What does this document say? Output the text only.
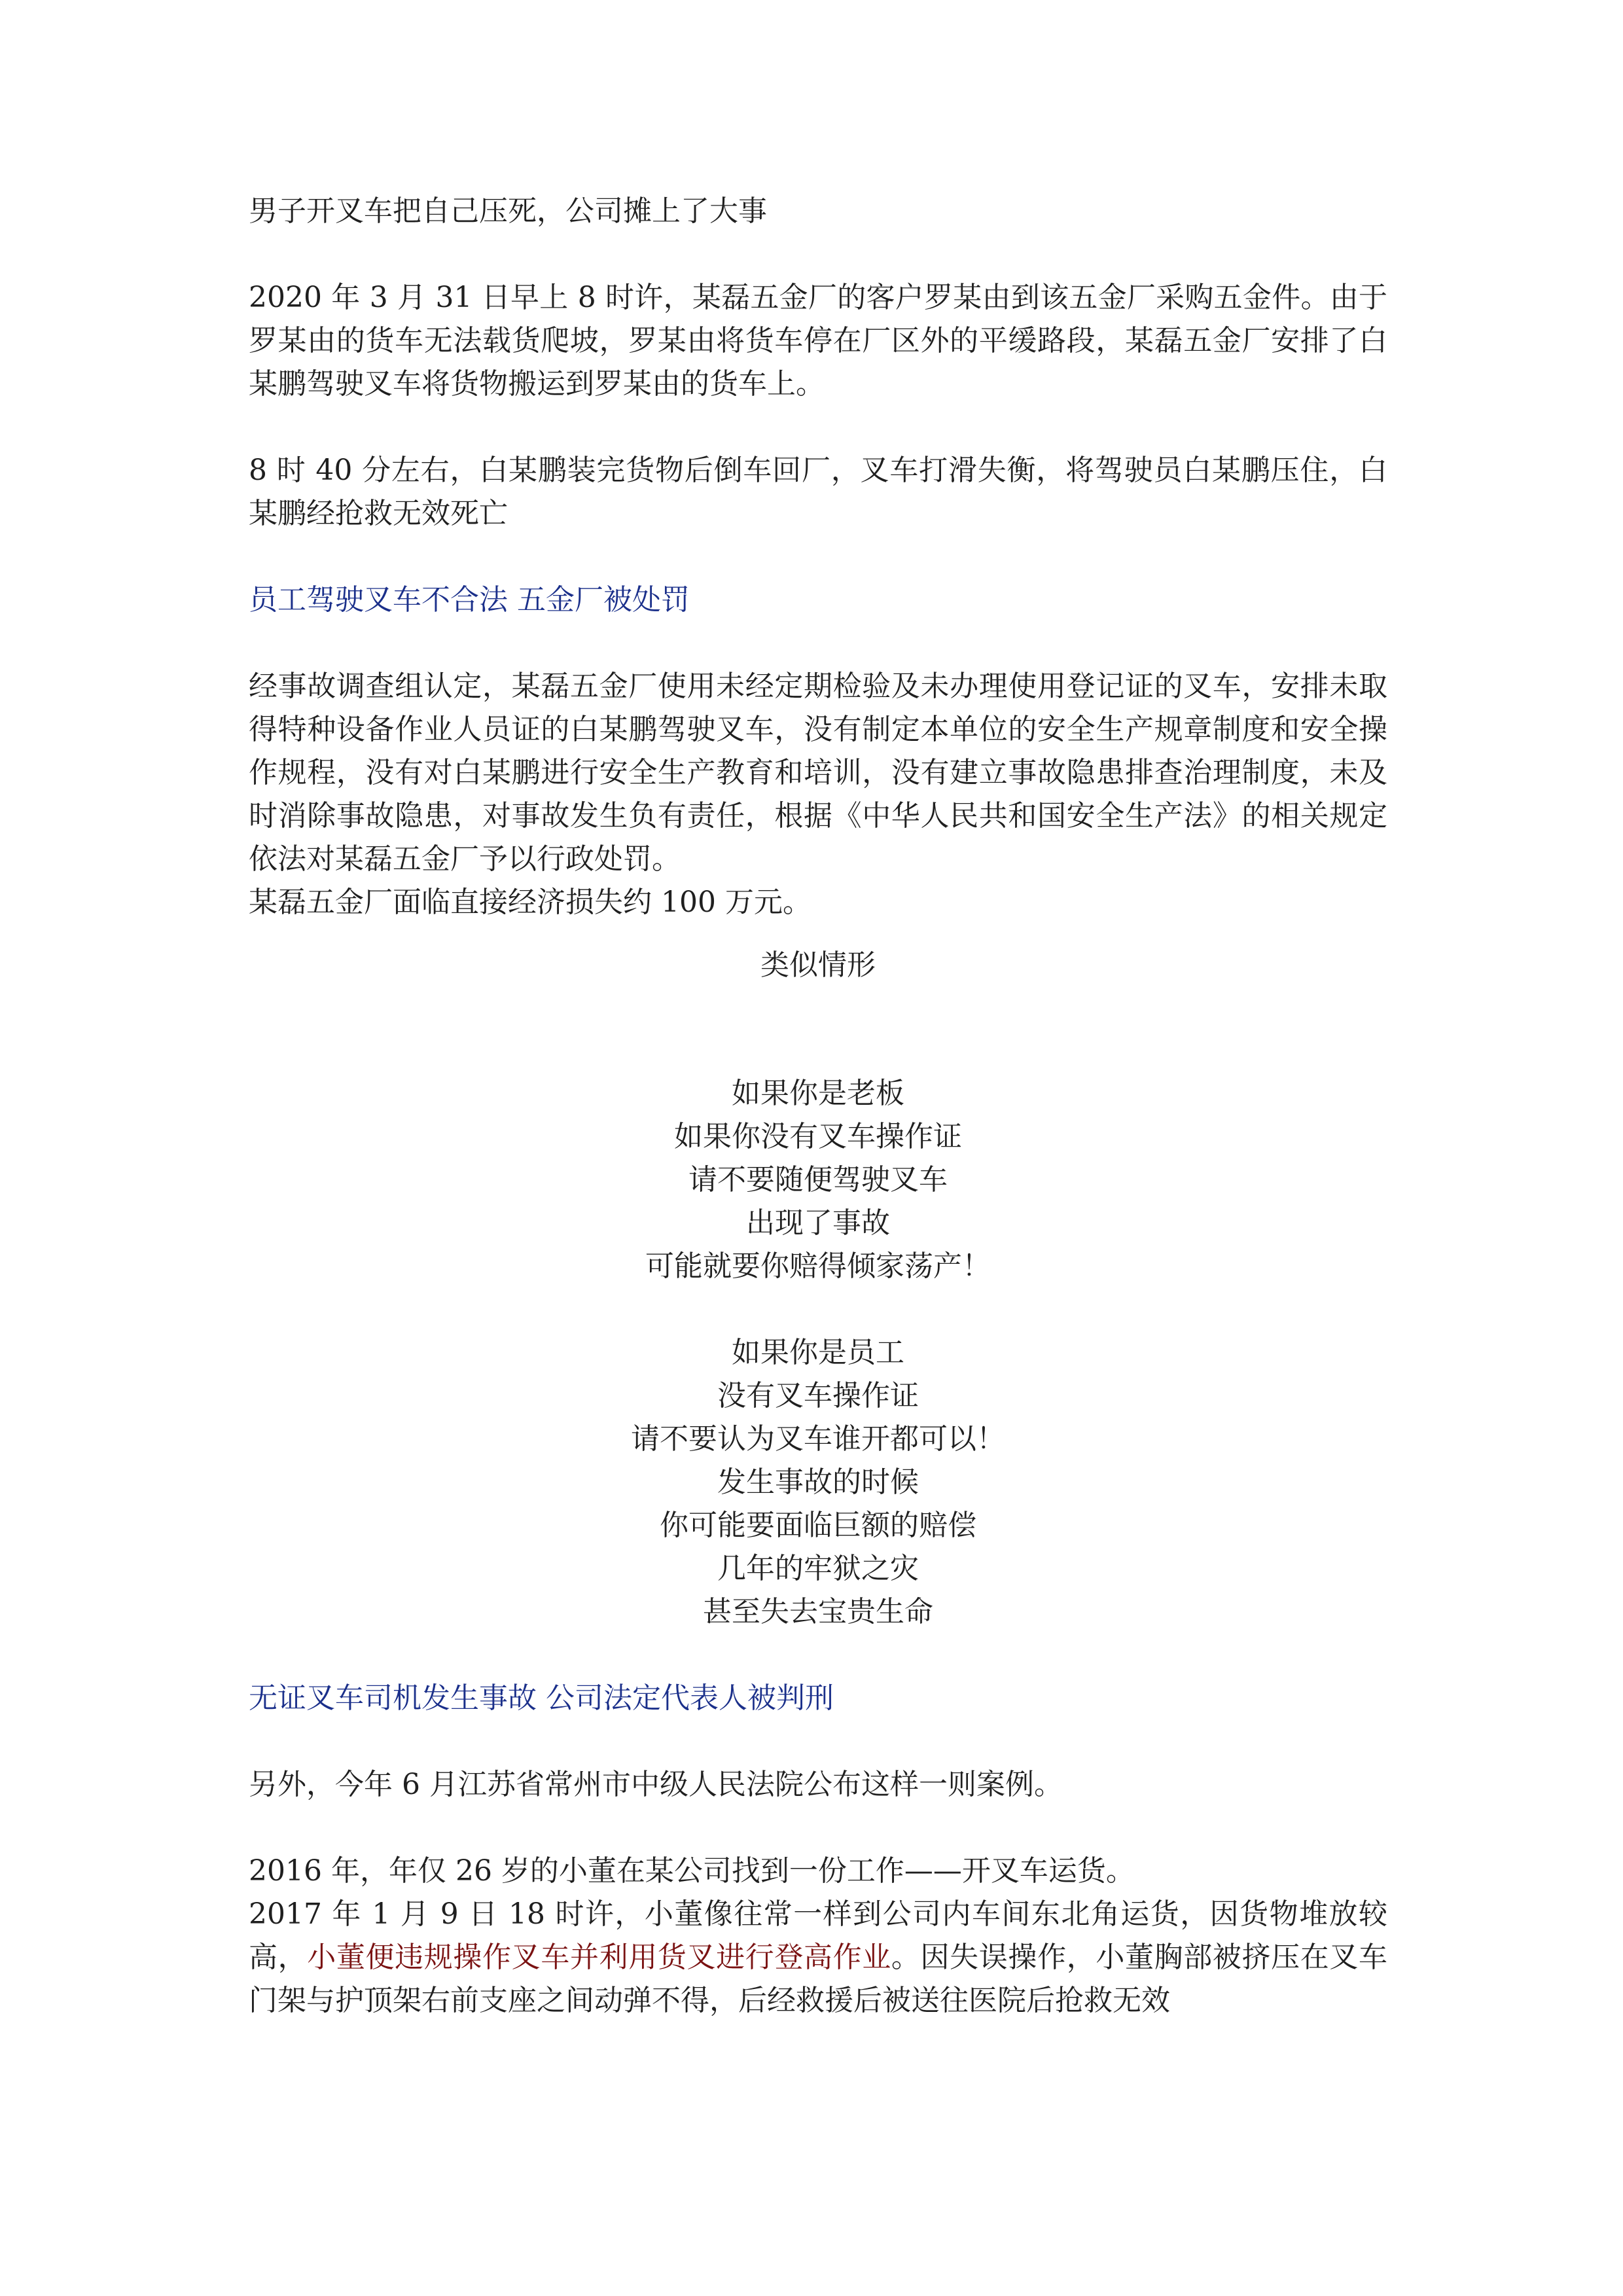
男子开叉车把自己压死，公司摊上了大事

2020 年 3 月 31 日早上 8 时许，某磊五金厂的客户罗某由到该五金厂采购五金件。由于罗某由的货车无法载货爬坡，罗某由将货车停在厂区外的平缓路段，某磊五金厂安排了白某鹏驾驶叉车将货物搬运到罗某由的货车上。

8 时 40 分左右，白某鹏装完货物后倒车回厂，叉车打滑失衡，将驾驶员白某鹏压住，白某鹏经抢救无效死亡

员工驾驶叉车不合法 五金厂被处罚

经事故调查组认定，某磊五金厂使用未经定期检验及未办理使用登记证的叉车，安排未取得特种设备作业人员证的白某鹏驾驶叉车，没有制定本单位的安全生产规章制度和安全操作规程，没有对白某鹏进行安全生产教育和培训，没有建立事故隐患排查治理制度，未及时消除事故隐患，对事故发生负有责任，根据《中华人民共和国安全生产法》的相关规定依法对某磊五金厂予以行政处罚。

某磊五金厂面临直接经济损失约 100 万元。

类似情形
如果你是老板
如果你没有叉车操作证
请不要随便驾驶叉车
出现了事故
可能就要你赔得倾家荡产！
如果你是员工
没有叉车操作证
请不要认为叉车谁开都可以！
发生事故的时候
你可能要面临巨额的赔偿
几年的牢狱之灾
甚至失去宝贵生命

无证叉车司机发生事故 公司法定代表人被判刑

另外，今年 6 月江苏省常州市中级人民法院公布这样一则案例。

2016 年，年仅 26 岁的小董在某公司找到一份工作——开叉车运货。

2017 年 1 月 9 日 18 时许，小董像往常一样到公司内车间东北角运货，因货物堆放较高，小董便违规操作叉车并利用货叉进行登高作业。因失误操作，小董胸部被挤压在叉车门架与护顶架右前支座之间动弹不得，后经救援后被送往医院后抢救无效
